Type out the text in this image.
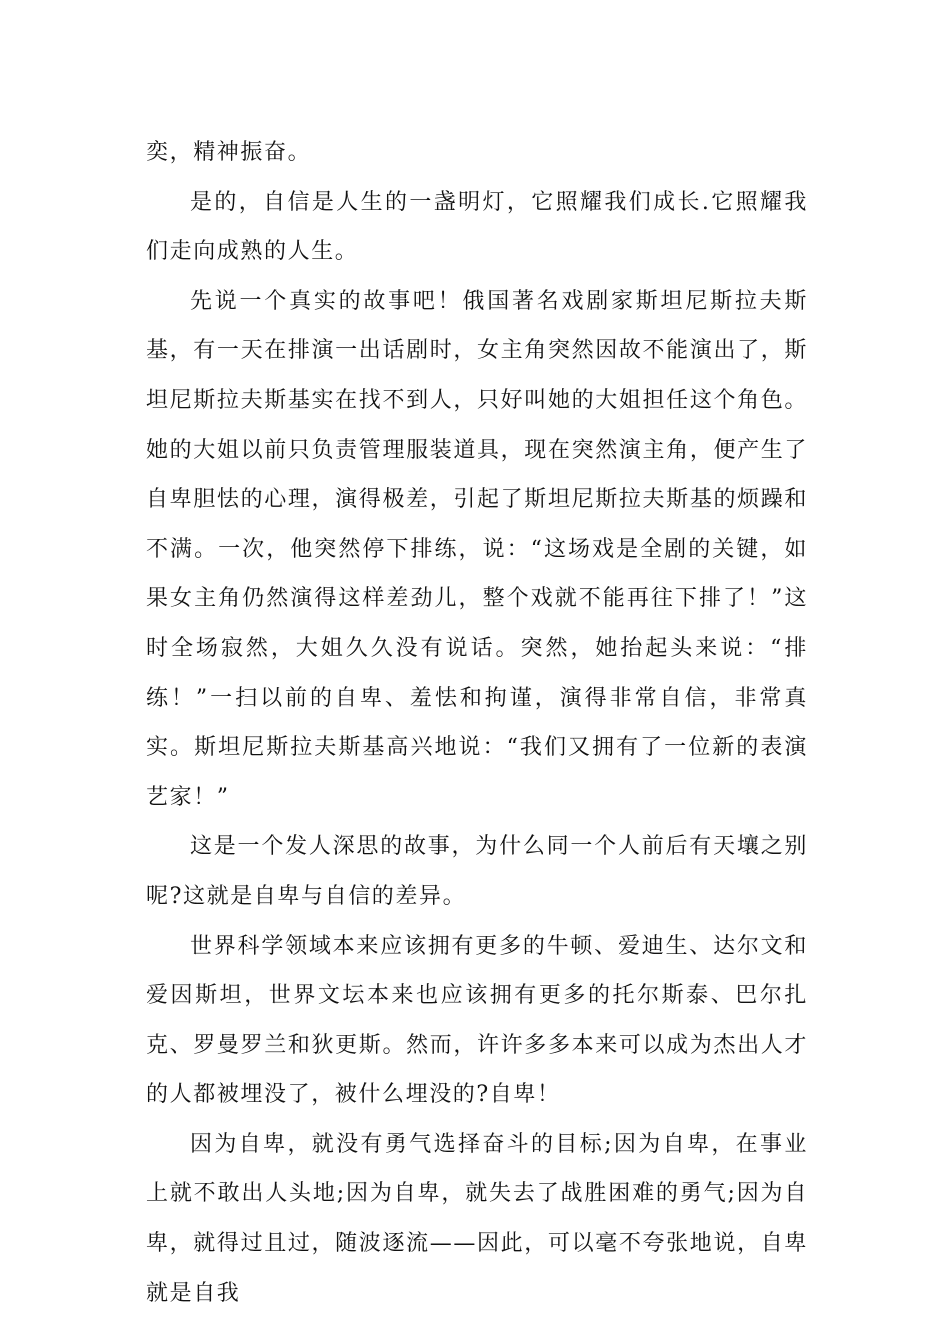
奕，精神振奋。

是的，自信是人生的一盏明灯，它照耀我们成长.它照耀我们走向成熟的人生。

先说一个真实的故事吧！俄国著名戏剧家斯坦尼斯拉夫斯基，有一天在排演一出话剧时，女主角突然因故不能演出了，斯坦尼斯拉夫斯基实在找不到人，只好叫她的大姐担任这个角色。她的大姐以前只负责管理服装道具，现在突然演主角，便产生了自卑胆怯的心理，演得极差，引起了斯坦尼斯拉夫斯基的烦躁和不满。一次，他突然停下排练，说：“这场戏是全剧的关键，如果女主角仍然演得这样差劲儿，整个戏就不能再往下排了！”这时全场寂然，大姐久久没有说话。突然，她抬起头来说：“排练！”一扫以前的自卑、羞怯和拘谨，演得非常自信，非常真实。斯坦尼斯拉夫斯基高兴地说：“我们又拥有了一位新的表演艺家！”

这是一个发人深思的故事，为什么同一个人前后有天壤之别呢?这就是自卑与自信的差异。

世界科学领域本来应该拥有更多的牛顿、爱迪生、达尔文和爱因斯坦，世界文坛本来也应该拥有更多的托尔斯泰、巴尔扎克、罗曼罗兰和狄更斯。然而，许许多多本来可以成为杰出人才的人都被埋没了，被什么埋没的?自卑！

因为自卑，就没有勇气选择奋斗的目标;因为自卑，在事业上就不敢出人头地;因为自卑，就失去了战胜困难的勇气;因为自卑，就得过且过，随波逐流——因此，可以毫不夸张地说，自卑就是自我
